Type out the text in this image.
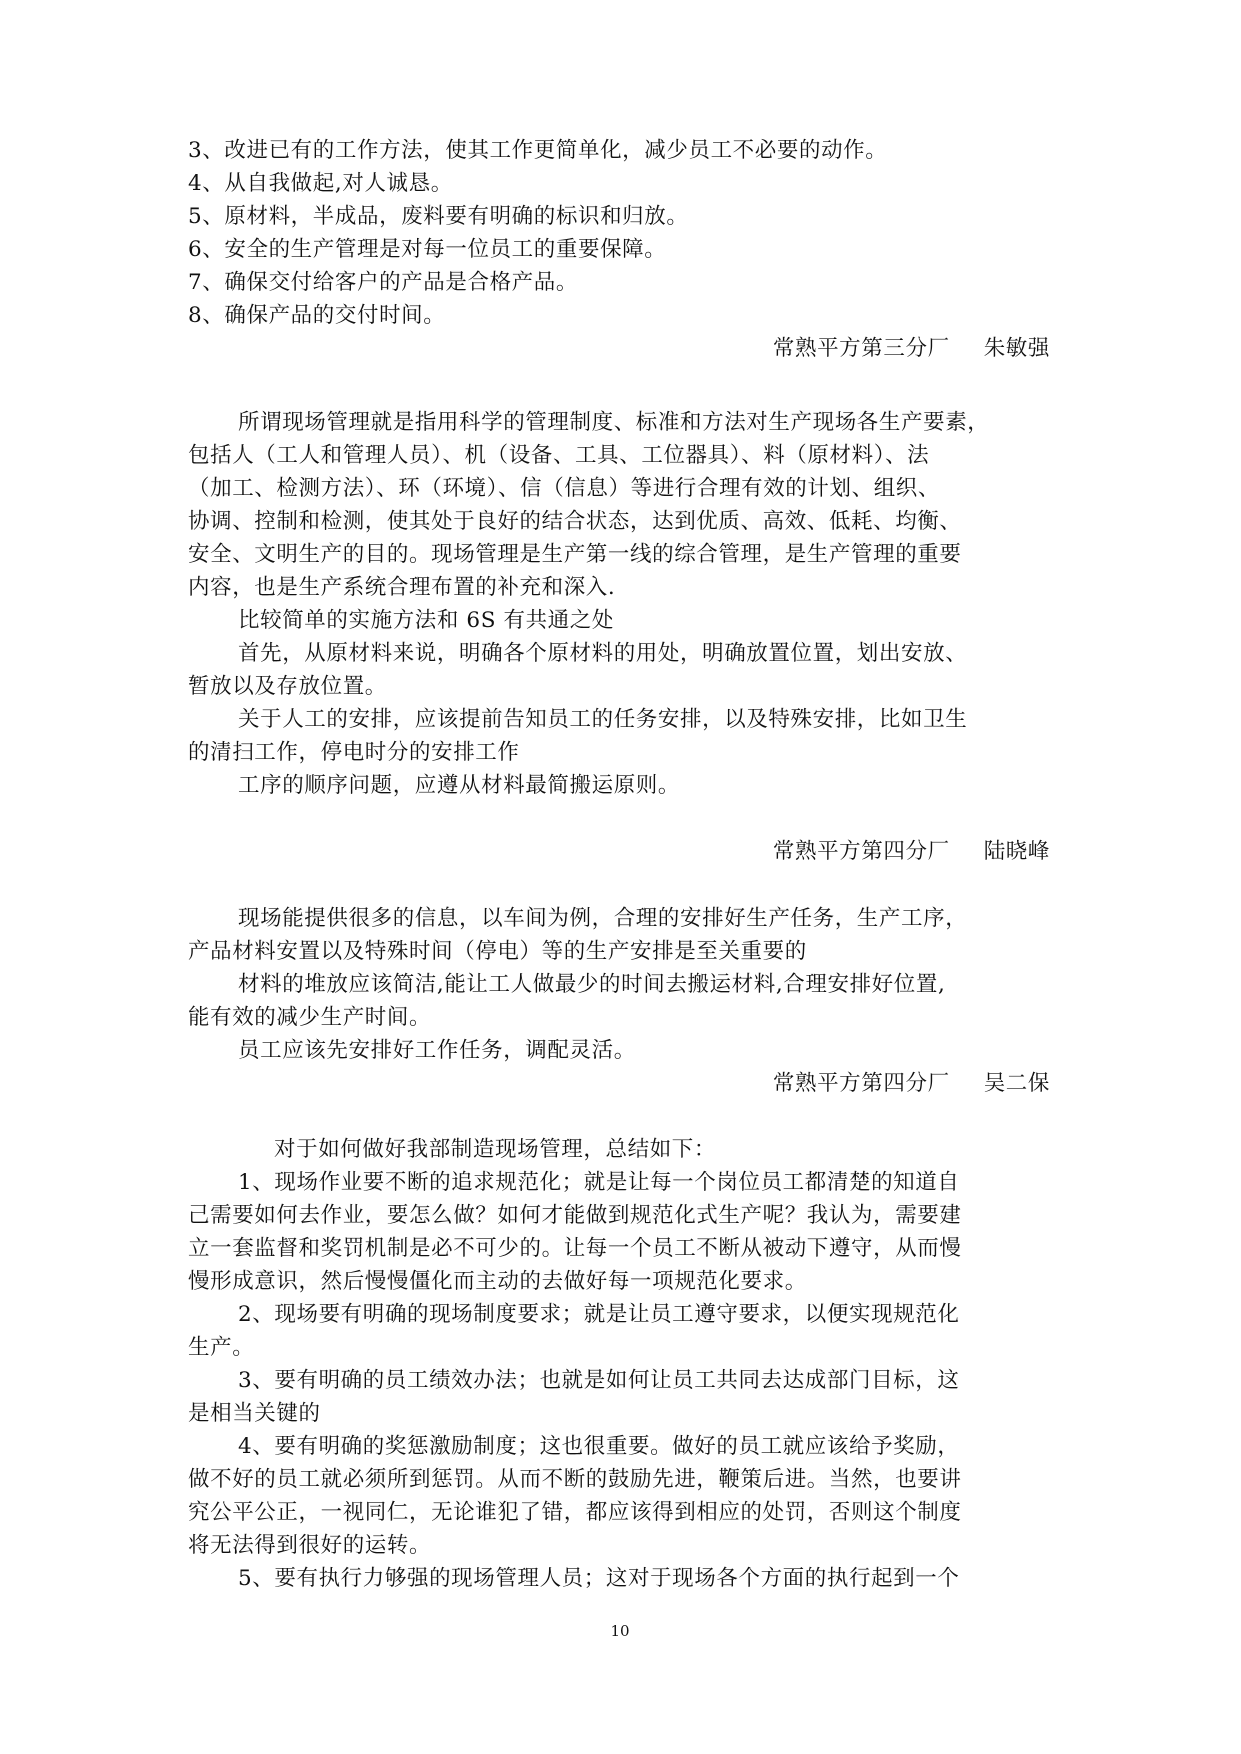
3、改进已有的工作方法，使其工作更简单化，减少员工不必要的动作。
4、从自我做起,对人诚恳。
5、原材料，半成品，废料要有明确的标识和归放。
6、安全的生产管理是对每一位员工的重要保障。
7、确保交付给客户的产品是合格产品。
8、确保产品的交付时间。
常熟平方第三分厂 朱敏强
所谓现场管理就是指用科学的管理制度、标准和方法对生产现场各生产要素，
包括人（工人和管理人员）、机（设备、工具、工位器具）、料（原材料）、法
（加工、检测方法）、环（环境）、信（信息）等进行合理有效的计划、组织、
协调、控制和检测，使其处于良好的结合状态，达到优质、高效、低耗、均衡、
安全、文明生产的目的。现场管理是生产第一线的综合管理，是生产管理的重要
内容，也是生产系统合理布置的补充和深入.
比较简单的实施方法和 6S 有共通之处
首先，从原材料来说，明确各个原材料的用处，明确放置位置，划出安放、
暂放以及存放位置。
关于人工的安排，应该提前告知员工的任务安排，以及特殊安排，比如卫生
的清扫工作，停电时分的安排工作
工序的顺序问题，应遵从材料最简搬运原则。
常熟平方第四分厂 陆晓峰
现场能提供很多的信息，以车间为例，合理的安排好生产任务，生产工序，
产品材料安置以及特殊时间（停电）等的生产安排是至关重要的
材料的堆放应该简洁,能让工人做最少的时间去搬运材料,合理安排好位置,
能有效的减少生产时间。
员工应该先安排好工作任务，调配灵活。
常熟平方第四分厂 吴二保
对于如何做好我部制造现场管理，总结如下：
1、现场作业要不断的追求规范化；就是让每一个岗位员工都清楚的知道自
己需要如何去作业，要怎么做？如何才能做到规范化式生产呢？我认为，需要建
立一套监督和奖罚机制是必不可少的。让每一个员工不断从被动下遵守，从而慢
慢形成意识，然后慢慢僵化而主动的去做好每一项规范化要求。
2、现场要有明确的现场制度要求；就是让员工遵守要求，以便实现规范化
生产。
3、要有明确的员工绩效办法；也就是如何让员工共同去达成部门目标，这
是相当关键的
4、要有明确的奖惩激励制度；这也很重要。做好的员工就应该给予奖励，
做不好的员工就必须所到惩罚。从而不断的鼓励先进，鞭策后进。当然，也要讲
究公平公正，一视同仁，无论谁犯了错，都应该得到相应的处罚，否则这个制度
将无法得到很好的运转。
5、要有执行力够强的现场管理人员；这对于现场各个方面的执行起到一个
10
